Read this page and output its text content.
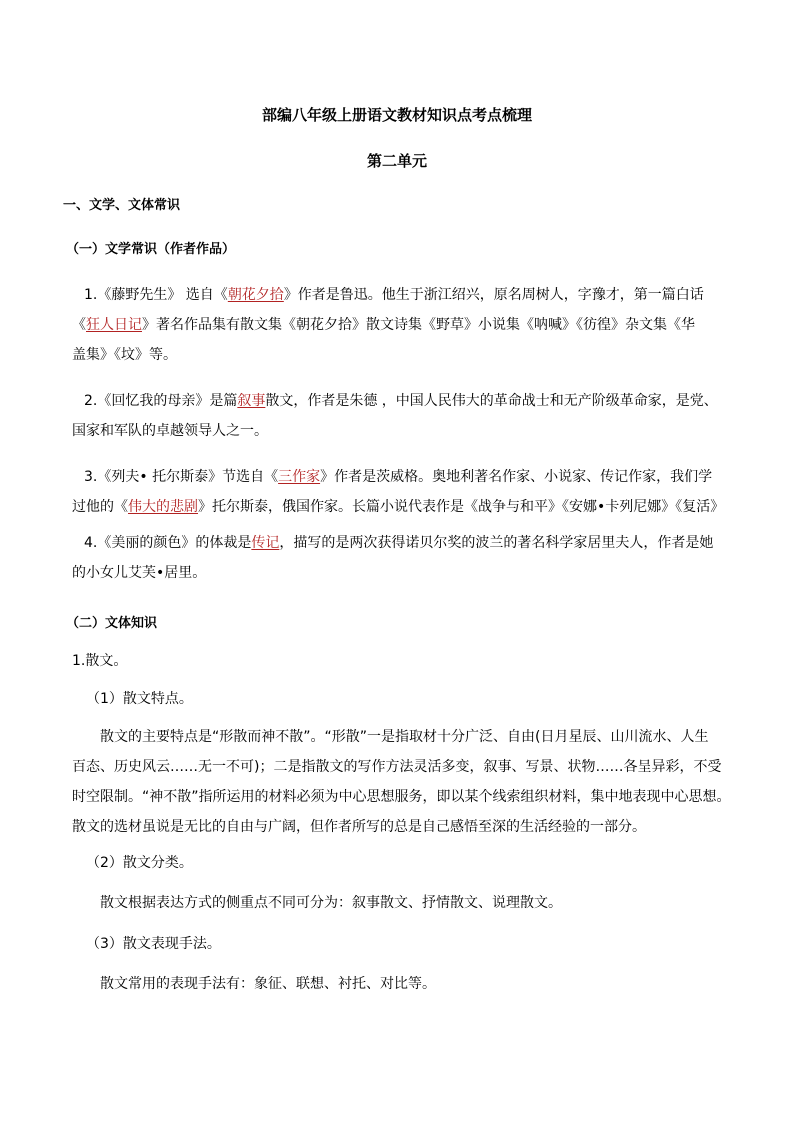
部编八年级上册语文教材知识点考点梳理
第二单元
一、文学、文体常识
（一）文学常识（作者作品）
1.《藤野先生》 选自《朝花夕拾》作者是鲁迅。他生于浙江绍兴，原名周树人，字豫才，第一篇白话
《狂人日记》著名作品集有散文集《朝花夕拾》散文诗集《野草》小说集《呐喊》《彷徨》杂文集《华
盖集》《坟》等。
2.《回忆我的母亲》是篇叙事散文，作者是朱德 ，中国人民伟大的革命战士和无产阶级革命家，是党、
国家和军队的卓越领导人之一。
3.《列夫• 托尔斯泰》节选自《三作家》作者是茨威格。奥地利著名作家、小说家、传记作家，我们学
过他的《伟大的悲剧》托尔斯泰，俄国作家。长篇小说代表作是《战争与和平》《安娜•卡列尼娜》《复活》
4.《美丽的颜色》的体裁是传记，描写的是两次获得诺贝尔奖的波兰的著名科学家居里夫人，作者是她
的小女儿艾芙•居里。
（二）文体知识
1.散文。
（1）散文特点。
散文的主要特点是“形散而神不散”。“形散”一是指取材十分广泛、自由(日月星辰、山川流水、人生
百态、历史风云……无一不可)；二是指散文的写作方法灵活多变，叙事、写景、状物……各呈异彩，不受
时空限制。“神不散”指所运用的材料必须为中心思想服务，即以某个线索组织材料，集中地表现中心思想。
散文的选材虽说是无比的自由与广阔，但作者所写的总是自己感悟至深的生活经验的一部分。
（2）散文分类。
散文根据表达方式的侧重点不同可分为：叙事散文、抒情散文、说理散文。
（3）散文表现手法。
散文常用的表现手法有：象征、联想、衬托、对比等。
